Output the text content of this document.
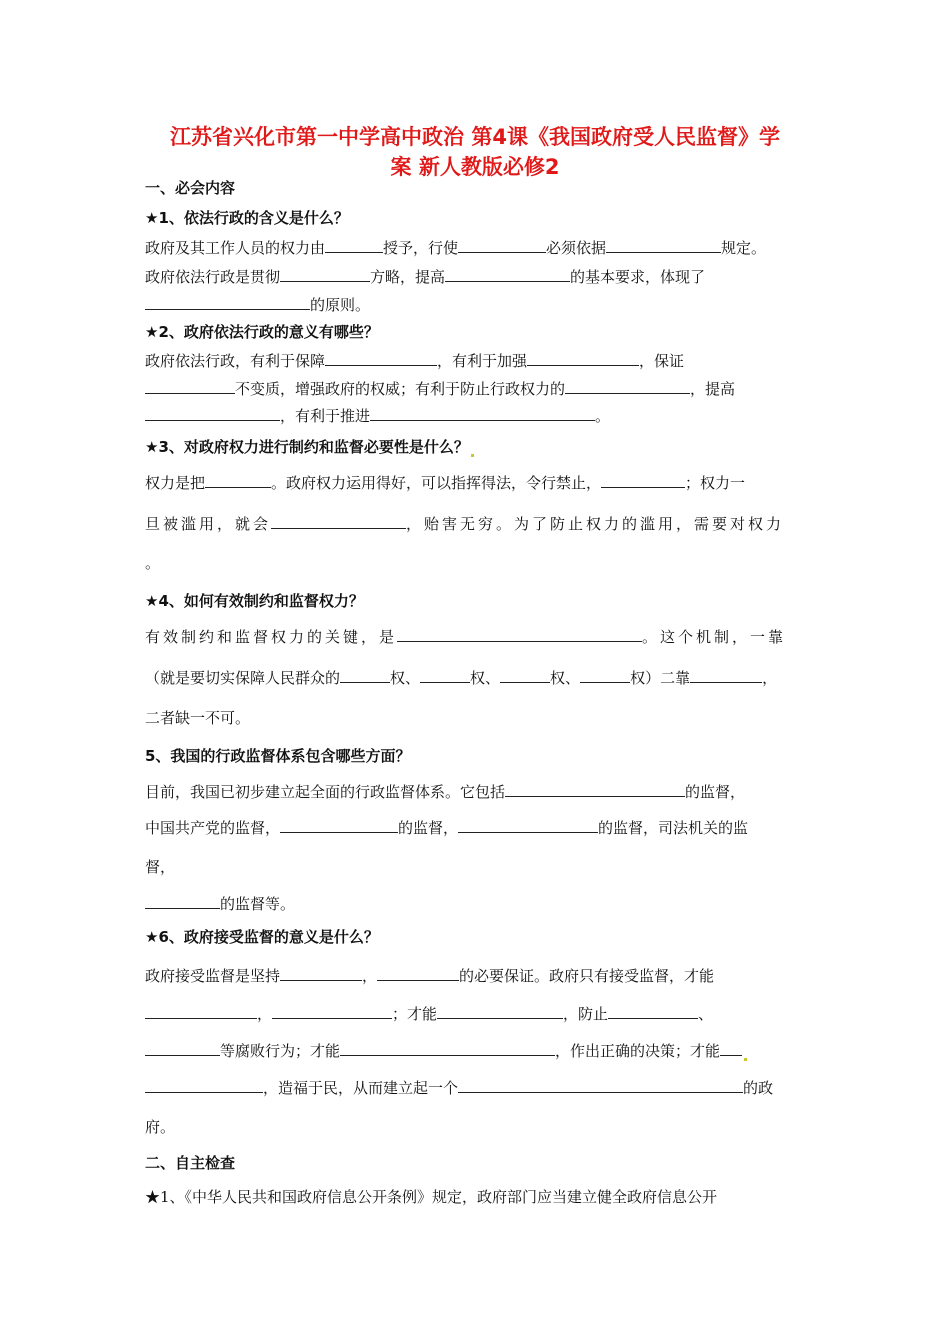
江苏省兴化市第一中学高中政治 第4课《我国政府受人民监督》学
案 新人教版必修2
一、必会内容
★1、依法行政的含义是什么？
政府及其工作人员的权力由	授予，行使	必须依据	规定。
政府依法行政是贯彻	方略，提高	的基本要求，体现了
的原则。
★2、政府依法行政的意义有哪些？
政府依法行政，有利于保障	，有利于加强	，保证
不变质，增强政府的权威；有利于防止行政权力的	，提高
，有利于推进	。
★3、对政府权力进行制约和监督必要性是什么？
权力是把	。政府权力运用得好，可以指挥得法，令行禁止，	；权力一
旦被滥用，就会	，贻害无穷。为了防止权力的滥用，需要对权力
。
★4、如何有效制约和监督权力？
有效制约和监督权力的关键，是	。这个机制，一靠
（就是要切实保障人民群众的	权、	权、	权、	权）二靠	，
二者缺一不可。
5、我国的行政监督体系包含哪些方面？
目前，我国已初步建立起全面的行政监督体系。它包括	的监督，
中国共产党的监督，	的监督，	的监督，司法机关的监
督，
的监督等。
★6、政府接受监督的意义是什么？
政府接受监督是坚持	，	的必要保证。政府只有接受监督，才能
，	；才能	，防止	、
等腐败行为；才能	，作出正确的决策；才能
，造福于民，从而建立起一个	的政
府。
二、自主检查
★1、《中华人民共和国政府信息公开条例》规定，政府部门应当建立健全政府信息公开
